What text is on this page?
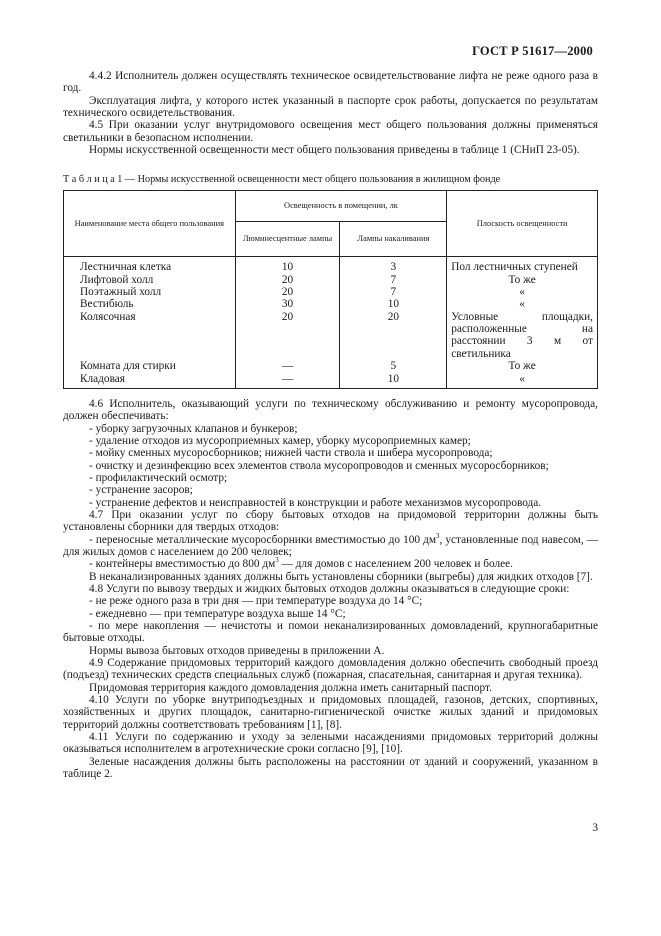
ГОСТ Р 51617—2000

4.4.2 Исполнитель должен осуществлять техническое освидетельствование лифта не реже одного раза в год.

Эксплуатация лифта, у которого истек указанный в паспорте срок работы, допускается по результатам технического освидетельствования.

4.5 При оказании услуг внутридомового освещения мест общего пользования должны применяться светильники в безопасном исполнении.

Нормы искусственной освещенности мест общего пользования приведены в таблице 1 (СНиП 23-05).

Т а б л и ц а 1 — Нормы искусственной освещенности мест общего пользования в жилищном фонде

Наименование места общего пользования	Освещенность в помещении, лк		Плоскость освещенности
	Люминесцентные лампы	Лампы накаливания	
Лестничная клетка	10	3	Пол лестничных ступеней
Лифтовой холл	20	7	То же
Поэтажный холл	20	7	«
Вестибюль	30	10	«
Колясочная	20	20	Условные площадки, расположенные на расстоянии 3 м от светильника
Комната для стирки	—	5	То же
Кладовая	—	10	«

4.6 Исполнитель, оказывающий услуги по техническому обслуживанию и ремонту мусоропровода, должен обеспечивать:

- уборку загрузочных клапанов и бункеров;

- удаление отходов из мусороприемных камер, уборку мусороприемных камер;

- мойку сменных мусоросборников; нижней части ствола и шибера мусоропровода;

- очистку и дезинфекцию всех элементов ствола мусоропроводов и сменных мусоросборников;

- профилактический осмотр;

- устранение засоров;

- устранение дефектов и неисправностей в конструкции и работе механизмов мусоропровода.

4.7 При оказании услуг по сбору бытовых отходов на придомовой территории должны быть установлены сборники для твердых отходов:

- переносные металлические мусоросборники вместимостью до 100 $дм^3$, установленные под навесом, — для жилых домов с населением до 200 человек;

- контейнеры вместимостью до 800 $дм^3$ — для домов с населением 200 человек и более.

В неканализированных зданиях должны быть установлены сборники (выгребы) для жидких отходов [7].

4.8 Услуги по вывозу твердых и жидких бытовых отходов должны оказываться в следующие сроки:

- не реже одного раза в три дня — при температуре воздуха до 14 °С;

- ежедневно — при температуре воздуха выше 14 °С;

- по мере накопления — нечистоты и помои неканализированных домовладений, крупногабаритные бытовые отходы.

Нормы вывоза бытовых отходов приведены в приложении А.

4.9 Содержание придомовых территорий каждого домовладения должно обеспечить свободный проезд (подъезд) технических средств специальных служб (пожарная, спасательная, санитарная и другая техника).

Придомовая территория каждого домовладения должна иметь санитарный паспорт.

4.10 Услуги по уборке внутриподъездных и придомовых площадей, газонов, детских, спортивных, хозяйственных и других площадок, санитарно-гигиенической очистке жилых зданий и придомовых территорий должны соответствовать требованиям [1], [8].

4.11 Услуги по содержанию и уходу за зелеными насаждениями придомовых территорий должны оказываться исполнителем в агротехнические сроки согласно [9], [10].

Зеленые насаждения должны быть расположены на расстоянии от зданий и сооружений, указанном в таблице 2.

3
